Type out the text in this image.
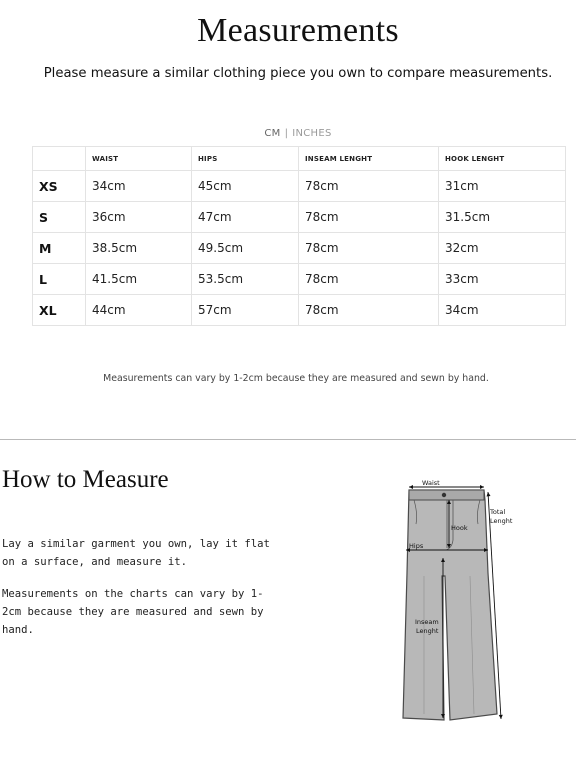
Measurements
Please measure a similar clothing piece you own to compare measurements.
CM | INCHES
	WAIST	HIPS	INSEAM LENGHT	HOOK LENGHT
XS	34cm	45cm	78cm	31cm
S	36cm	47cm	78cm	31.5cm
M	38.5cm	49.5cm	78cm	32cm
L	41.5cm	53.5cm	78cm	33cm
XL	44cm	57cm	78cm	34cm
Measurements can vary by 1-2cm because they are measured and sewn by hand.
How to Measure
Lay a similar garment you own, lay it flat on a surface, and measure it.
Measurements on the charts can vary by 1-2cm because they are measured and sewn by hand.
Waist
Hook
Hips
Inseam
Lenght
Total
Lenght
